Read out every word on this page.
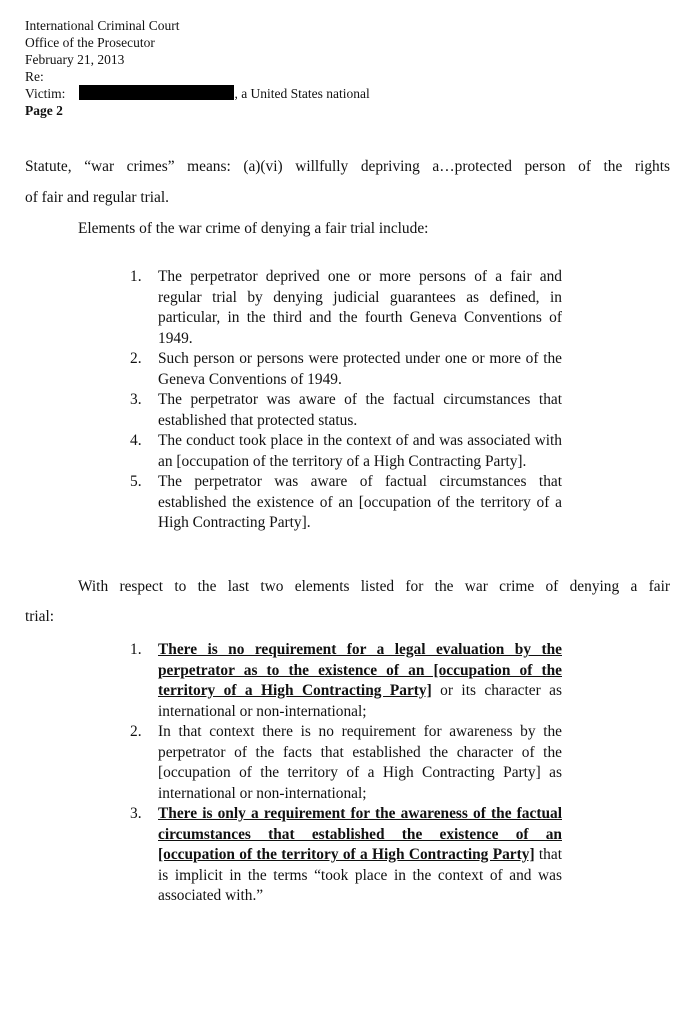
International Criminal Court
Office of the Prosecutor
February 21, 2013
Re:
Victim:	, a United States national
Page 2
Statute, “war crimes” means: (a)(vi) willfully depriving a…protected person of the rights
of fair and regular trial.
Elements of the war crime of denying a fair trial include:
1. The perpetrator deprived one or more persons of a fair and regular trial by denying judicial guarantees as defined, in particular, in the third and the fourth Geneva Conventions of 1949.
2. Such person or persons were protected under one or more of the Geneva Conventions of 1949.
3. The perpetrator was aware of the factual circumstances that established that protected status.
4. The conduct took place in the context of and was associated with an [occupation of the territory of a High Contracting Party].
5. The perpetrator was aware of factual circumstances that established the existence of an [occupation of the territory of a High Contracting Party].
With respect to the last two elements listed for the war crime of denying a fair
trial:
1. There is no requirement for a legal evaluation by the perpetrator as to the existence of an [occupation of the territory of a High Contracting Party] or its character as international or non-international;
2. In that context there is no requirement for awareness by the perpetrator of the facts that established the character of the [occupation of the territory of a High Contracting Party] as international or non-international;
3. There is only a requirement for the awareness of the factual circumstances that established the existence of an [occupation of the territory of a High Contracting Party] that is implicit in the terms “took place in the context of and was associated with.”
